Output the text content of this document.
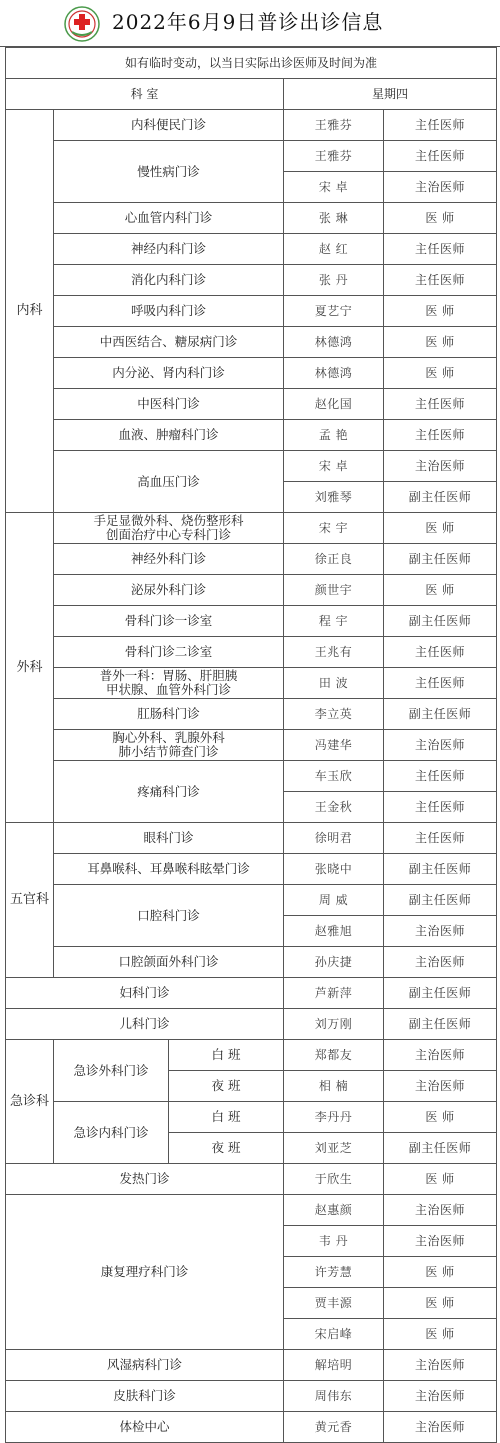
2022年6月9日普诊出诊信息
如有临时变动，以当日实际出诊医师及时间为准				
科 室			星期四	
内科	内科便民门诊		王雅芬	主任医师
	慢性病门诊		王雅芬	主任医师
			宋 卓	主治医师
	心血管内科门诊		张 琳	医 师
	神经内科门诊		赵 红	主任医师
	消化内科门诊		张 丹	主任医师
	呼吸内科门诊		夏艺宁	医 师
	中西医结合、糖尿病门诊		林德鸿	医 师
	内分泌、肾内科门诊		林德鸿	医 师
	中医科门诊		赵化国	主任医师
	血液、肿瘤科门诊		孟 艳	主任医师
	高血压门诊		宋 卓	主治医师
			刘雅琴	副主任医师
外科	手足显微外科、烧伤整形科
创面治疗中心专科门诊		宋 宇	医 师
	神经外科门诊		徐正良	副主任医师
	泌尿外科门诊		颜世宇	医 师
	骨科门诊一诊室		程 宇	副主任医师
	骨科门诊二诊室		王兆有	主任医师
	普外一科：胃肠、肝胆胰
甲状腺、血管外科门诊		田 波	主任医师
	肛肠科门诊		李立英	副主任医师
	胸心外科、乳腺外科
肺小结节筛查门诊		冯建华	主治医师
	疼痛科门诊		车玉欣	主任医师
			王金秋	主任医师
五官科	眼科门诊		徐明君	主任医师
	耳鼻喉科、耳鼻喉科眩晕门诊		张晓中	副主任医师
	口腔科门诊		周 威	副主任医师
			赵雅旭	主治医师
	口腔颌面外科门诊		孙庆捷	主治医师
妇科门诊			芦新萍	副主任医师
儿科门诊			刘万刚	副主任医师
急诊科	急诊外科门诊	白 班	郑都友	主治医师
		夜 班	相 楠	主治医师
	急诊内科门诊	白 班	李丹丹	医 师
		夜 班	刘亚芝	副主任医师
发热门诊			于欣生	医 师
康复理疗科门诊			赵惠颜	主治医师
			韦 丹	主治医师
			许芳慧	医 师
			贾丰源	医 师
			宋启峰	医 师
风湿病科门诊			解培明	主治医师
皮肤科门诊			周伟东	主治医师
体检中心			黄元香	主治医师
